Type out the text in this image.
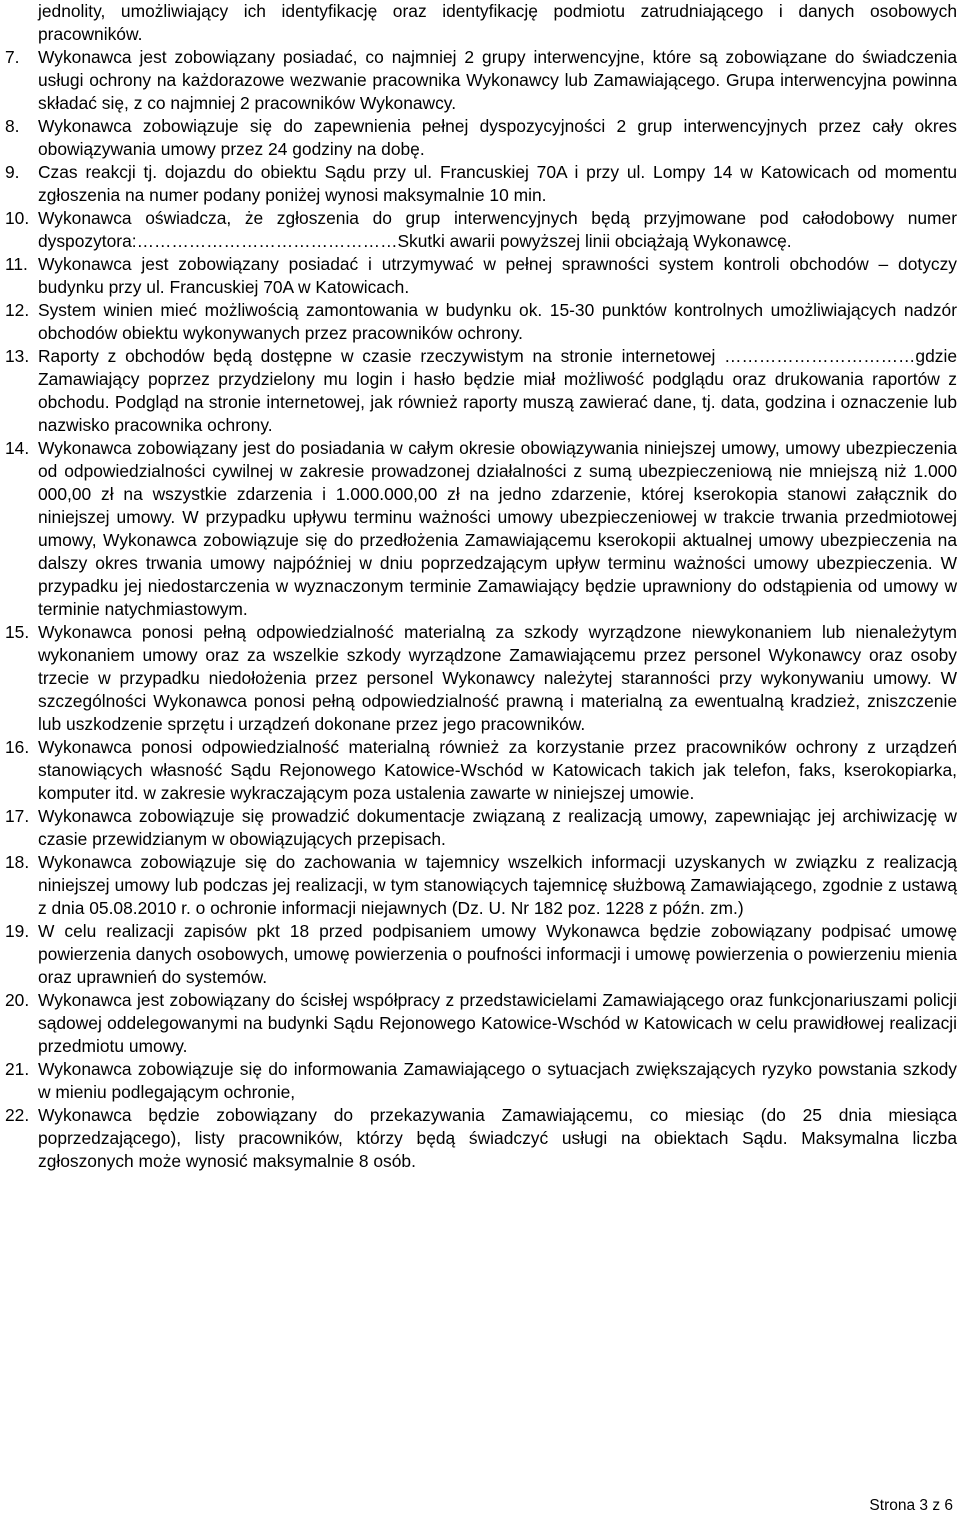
jednolity, umożliwiający ich identyfikację oraz identyfikację podmiotu zatrudniającego i danych osobowych pracowników.
7.	Wykonawca jest zobowiązany posiadać, co najmniej 2 grupy interwencyjne, które są zobowiązane do świadczenia usługi ochrony na każdorazowe wezwanie pracownika Wykonawcy lub Zamawiającego. Grupa interwencyjna powinna składać się, z co najmniej 2 pracowników Wykonawcy.
8.	Wykonawca zobowiązuje się do zapewnienia pełnej dyspozycyjności 2 grup interwencyjnych przez cały okres obowiązywania umowy przez 24 godziny na dobę.
9.	Czas reakcji tj. dojazdu do obiektu Sądu przy ul. Francuskiej 70A i przy ul. Lompy 14 w Katowicach od momentu zgłoszenia na numer podany poniżej wynosi maksymalnie 10 min.
10. Wykonawca oświadcza, że zgłoszenia do grup interwencyjnych będą przyjmowane pod całodobowy numer dyspozytora:………………………………………Skutki awarii powyższej linii obciążają Wykonawcę.
11. Wykonawca jest zobowiązany posiadać i utrzymywać w pełnej sprawności system kontroli obchodów – dotyczy budynku przy ul. Francuskiej 70A w Katowicach.
12. System winien mieć możliwością zamontowania w budynku ok. 15-30 punktów kontrolnych umożliwiających nadzór obchodów obiektu wykonywanych przez pracowników ochrony.
13. Raporty z obchodów będą dostępne w czasie rzeczywistym na stronie internetowej ……………………………gdzie Zamawiający poprzez przydzielony mu login i hasło będzie miał możliwość podglądu oraz drukowania raportów z obchodu. Podgląd na stronie internetowej, jak również raporty muszą zawierać dane, tj. data, godzina i oznaczenie lub nazwisko pracownika ochrony.
14. Wykonawca zobowiązany jest do posiadania w całym okresie obowiązywania niniejszej umowy, umowy ubezpieczenia od odpowiedzialności cywilnej w zakresie prowadzonej działalności z sumą ubezpieczeniową nie mniejszą niż 1.000 000,00 zł na wszystkie zdarzenia i 1.000.000,00 zł na jedno zdarzenie, której kserokopia stanowi załącznik do niniejszej umowy. W przypadku upływu terminu ważności umowy ubezpieczeniowej w trakcie trwania przedmiotowej umowy, Wykonawca zobowiązuje się do przedłożenia Zamawiającemu kserokopii aktualnej umowy ubezpieczenia na dalszy okres trwania umowy najpóźniej w dniu poprzedzającym upływ terminu ważności umowy ubezpieczenia. W przypadku jej niedostarczenia w wyznaczonym terminie Zamawiający będzie uprawniony do odstąpienia od umowy w terminie natychmiastowym.
15. Wykonawca ponosi pełną odpowiedzialność materialną za szkody wyrządzone niewykonaniem lub nienależytym wykonaniem umowy oraz za wszelkie szkody wyrządzone Zamawiającemu przez personel Wykonawcy oraz osoby trzecie w przypadku niedołożenia przez personel Wykonawcy należytej staranności przy wykonywaniu umowy. W szczególności Wykonawca ponosi pełną odpowiedzialność prawną i materialną za ewentualną kradzież, zniszczenie lub uszkodzenie sprzętu i urządzeń dokonane przez jego pracowników.
16. Wykonawca ponosi odpowiedzialność materialną również za korzystanie przez pracowników ochrony z urządzeń stanowiących własność Sądu Rejonowego Katowice-Wschód w Katowicach takich jak telefon, faks, kserokopiarka, komputer itd. w zakresie wykraczającym poza ustalenia zawarte w niniejszej umowie.
17. Wykonawca zobowiązuje się prowadzić dokumentacje związaną z realizacją umowy, zapewniając jej archiwizację w czasie przewidzianym w obowiązujących przepisach.
18. Wykonawca zobowiązuje się do zachowania w tajemnicy wszelkich informacji uzyskanych w związku z realizacją niniejszej umowy lub podczas jej realizacji, w tym stanowiących tajemnicę służbową Zamawiającego, zgodnie z ustawą z dnia 05.08.2010 r. o ochronie informacji niejawnych (Dz. U. Nr 182 poz. 1228 z późn. zm.)
19. W celu realizacji zapisów pkt 18 przed podpisaniem umowy Wykonawca będzie zobowiązany podpisać umowę powierzenia danych osobowych, umowę powierzenia o poufności informacji i umowę powierzenia o powierzeniu mienia oraz uprawnień do systemów.
20. Wykonawca jest zobowiązany do ścisłej współpracy z przedstawicielami Zamawiającego oraz funkcjonariuszami policji sądowej oddelegowanymi na budynki Sądu Rejonowego Katowice-Wschód w Katowicach w celu prawidłowej realizacji przedmiotu umowy.
21. Wykonawca zobowiązuje się do informowania Zamawiającego o sytuacjach zwiększających ryzyko powstania szkody w mieniu podlegającym ochronie,
22. Wykonawca będzie zobowiązany do przekazywania Zamawiającemu, co miesiąc (do 25 dnia miesiąca poprzedzającego), listy pracowników, którzy będą świadczyć usługi na obiektach Sądu. Maksymalna liczba zgłoszonych może wynosić maksymalnie 8 osób.
Strona 3 z 6
